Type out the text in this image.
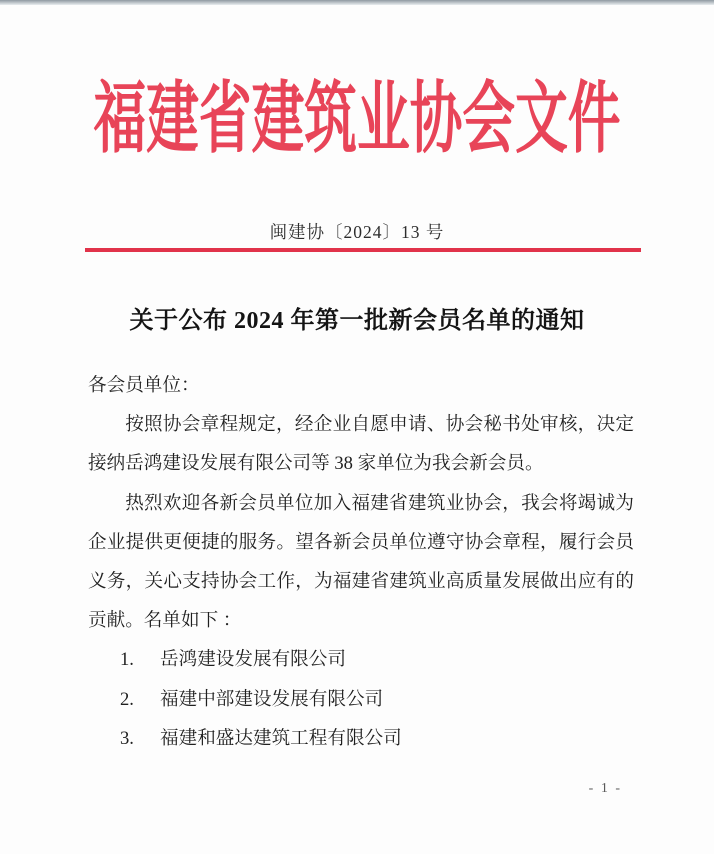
福建省建筑业协会文件
闽建协〔2024〕13 号
关于公布 2024 年第一批新会员名单的通知

各会员单位：

按照协会章程规定，经企业自愿申请、协会秘书处审核，决定接纳岳鸿建设发展有限公司等 38 家单位为我会新会员。

热烈欢迎各新会员单位加入福建省建筑业协会，我会将竭诚为企业提供更便捷的服务。望各新会员单位遵守协会章程，履行会员义务，关心支持协会工作，为福建省建筑业高质量发展做出应有的贡献。名单如下 ：

1. 岳鸿建设发展有限公司
2. 福建中部建设发展有限公司
3. 福建和盛达建筑工程有限公司
- 1 -
